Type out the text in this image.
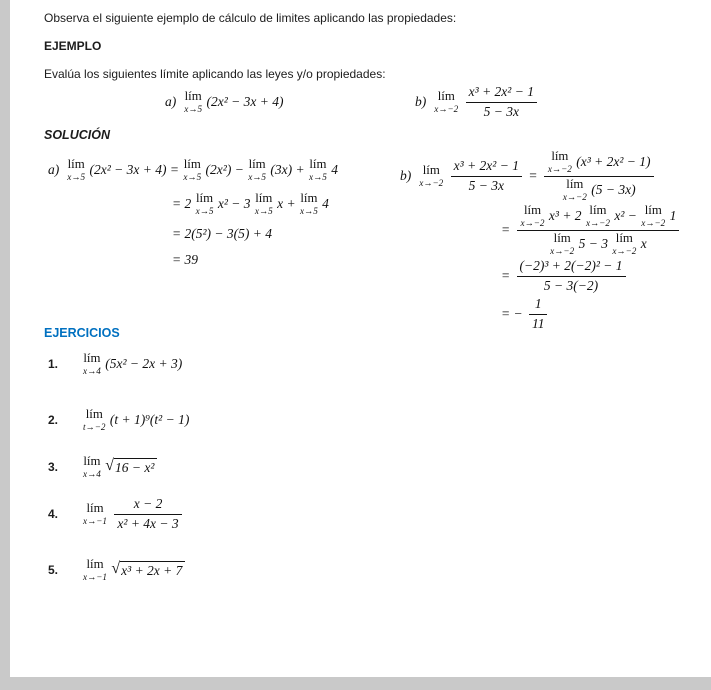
Observa el siguiente ejemplo de cálculo de limites aplicando las propiedades:

EJEMPLO

Evalúa los siguientes límite aplicando las leyes y/o propiedades:

a) lím
x→5 (2x² − 3x + 4)	b) lím
x→−2
$\frac{\text{x³ + 2x² − 1}}{5 - 3x}$

SOLUCIÓN

a) lím
x→5 (2x² − 3x + 4) = lím
x→5 (2x²) − lím
x→5 (3x) + lím
x→5 4
= 2 lím
x→5 x² − 3 lím
x→5 x + lím
x→5 4
= 2(5²) − 3(5) + 4
= 39
b) lím
x→−2
$\frac{\text{x³ + 2x² − 1}}{5 - 3x}$ = lím
x→−2 (x³ + 2x² − 1)
lím
x→−2 (5 − 3x)
= lím
x→−2 x³ + 2 lím
x→−2 x² − lím
x→−2 1
lím
x→−2 5 − 3 lím
x→−2 x
= $\frac{\text{(−2)³ + 2(−2)² − 1}}{5 - 3(-2)}$
= − $\frac{1}{11}$

EJERCICIOS

1.	lím
x→4 (5x² − 2x + 3)
2.	lím
t→−2 (t + 1)⁹(t² − 1)
3.	lím
x→4
√ 16 − x²
4.	lím
x→−1
$\frac{x - 2}{\text{x² + 4x − 3}}$
5.	lím
x→−1
√ x³ + 2x + 7
